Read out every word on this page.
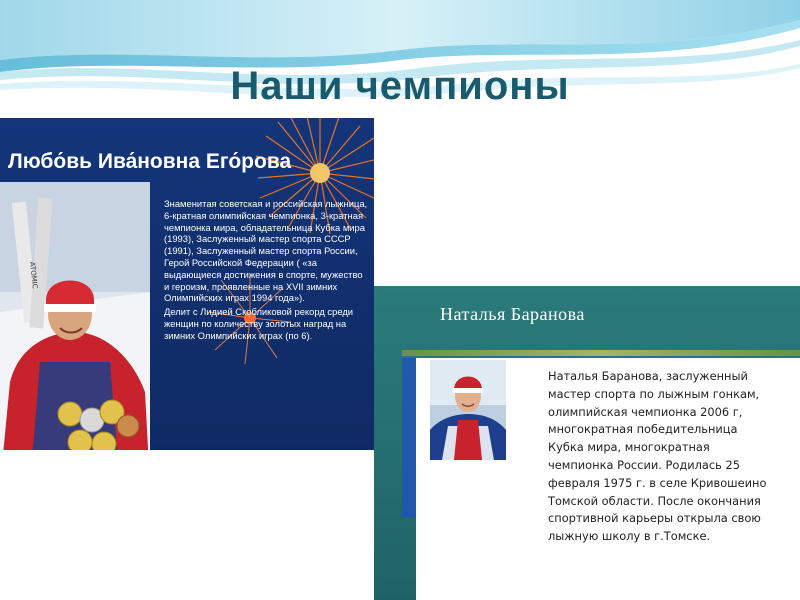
Наши чемпионы
Любо́вь Ива́новна Его́рова
ATOMIC

Знаменитая советская и российская лыжница, 6-кратная олимпийская чемпионка, 3-кратная чемпионка мира, обладательница Кубка мира (1993), Заслуженный мастер спорта СССР (1991), Заслуженный мастер спорта России, Герой Российской Федерации ( «за выдающиеся достижения в спорте, мужество и героизм, проявленные на XVII зимних Олимпийских играх 1994 года»).

Делит с Лидией Скобликовой рекорд среди женщин по количеству золотых наград на зимних Олимпийских играх (по 6).

Наталья Баранова
Наталья Баранова, заслуженный
мастер спорта по лыжным гонкам,
олимпийская чемпионка 2006 г,
многократная победительница
Кубка мира, многократная
чемпионка России. Родилась 25
февраля 1975 г. в селе Кривошеино
Томской области. После окончания
спортивной карьеры открыла свою
лыжную школу в г.Томске.
